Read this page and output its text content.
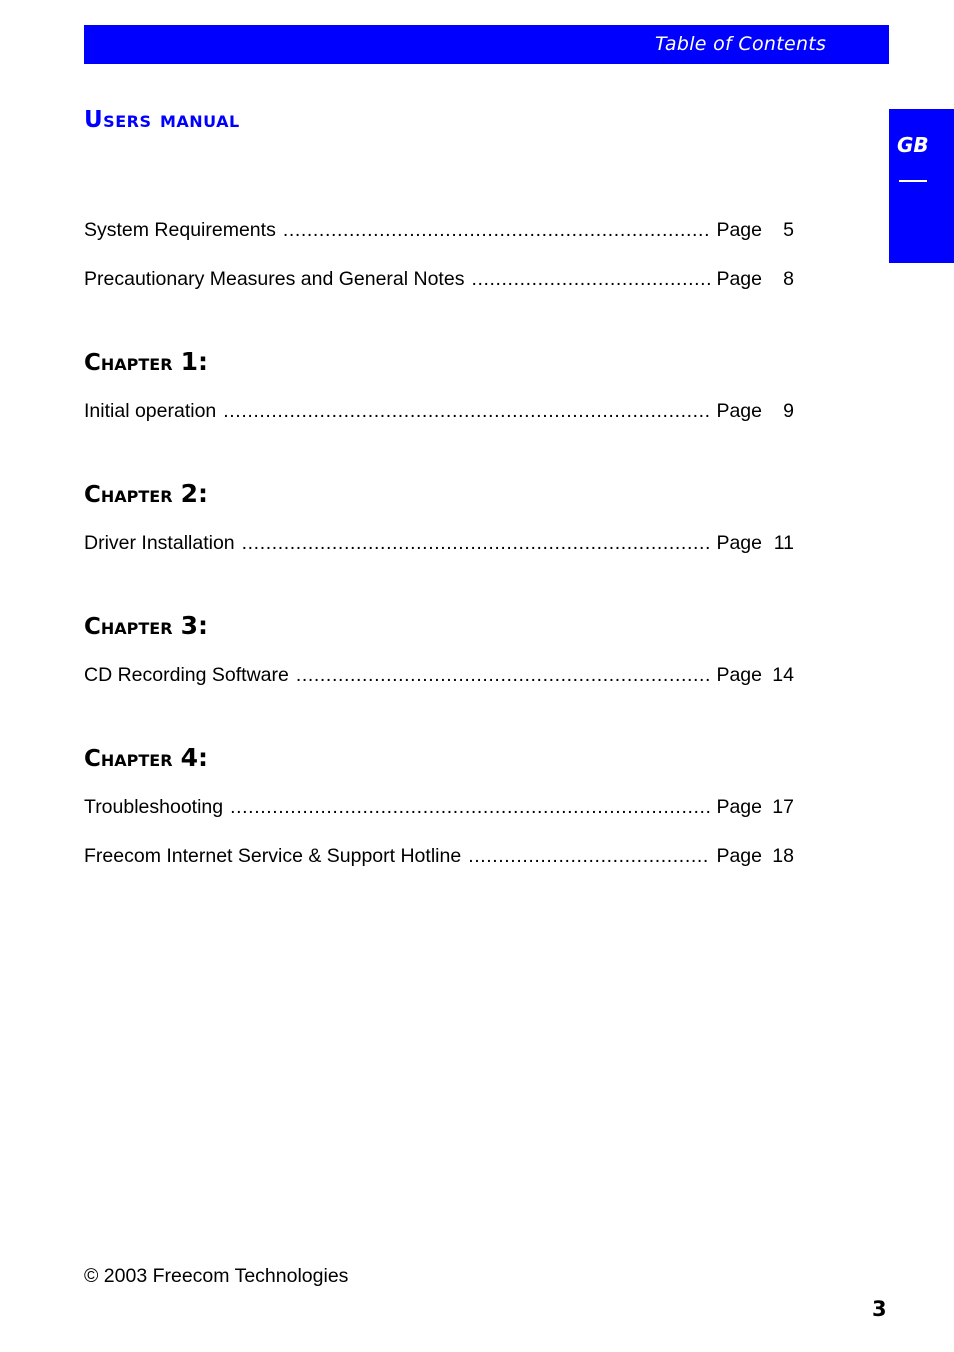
Table of Contents
GB
Users manual
System Requirements .....	Page	5
Precautionary Measures and General Notes .....	Page	8
Chapter 1:
Initial operation .....	Page	9
Chapter 2:
Driver Installation .....	Page 11
Chapter 3:
CD Recording Software .....	Page 14
Chapter 4:
Troubleshooting .....	Page 17
Freecom Internet Service & Support Hotline .....	Page 18
© 2003 Freecom Technologies
3
